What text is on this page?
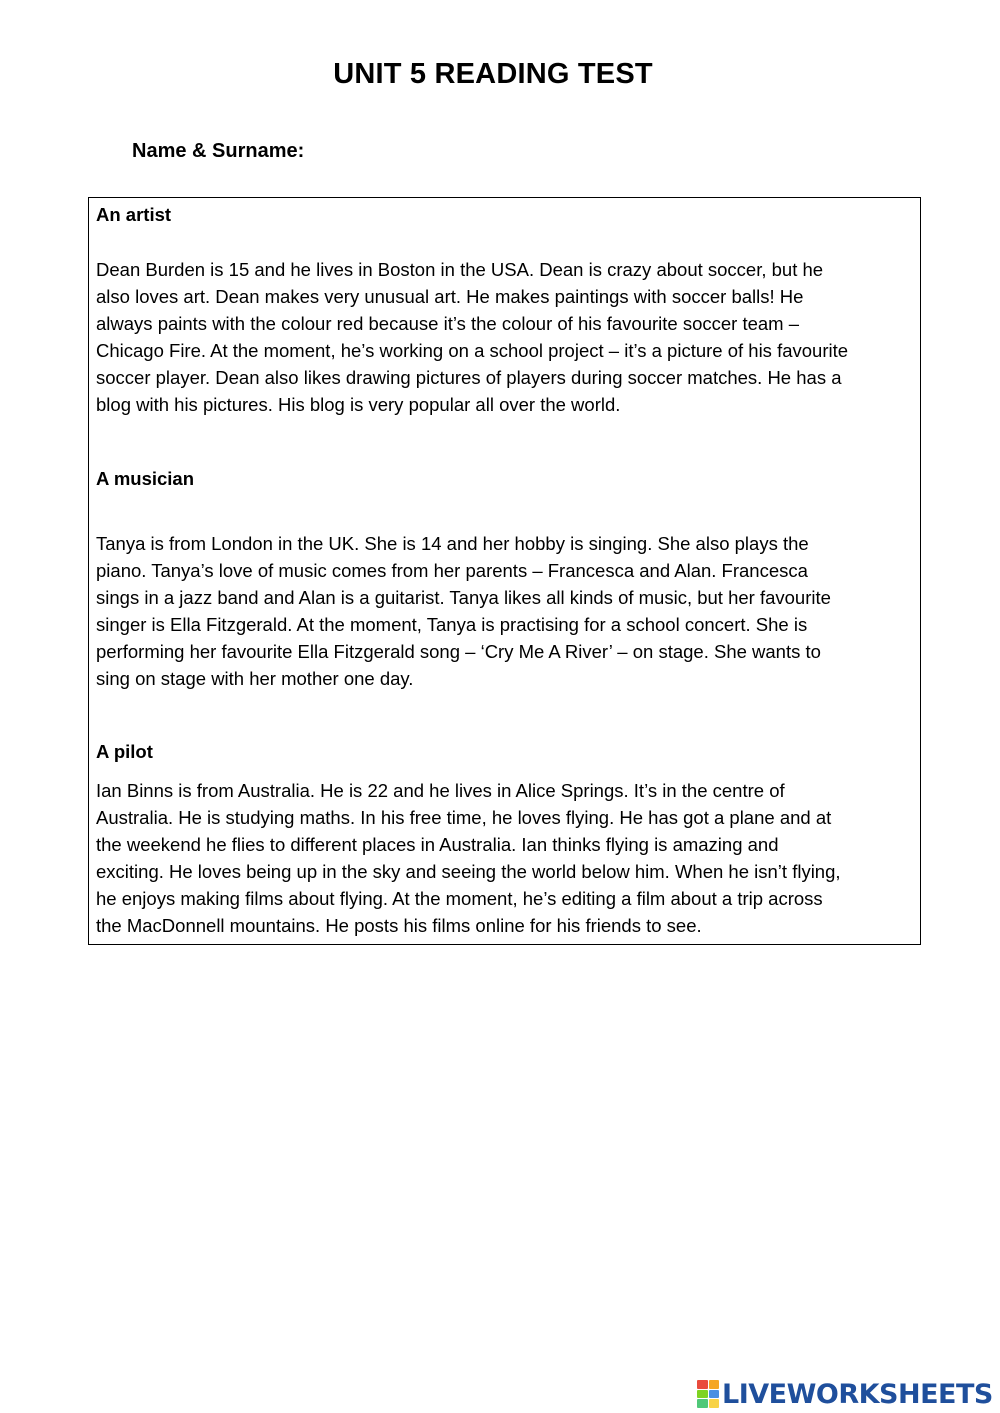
UNIT 5 READING TEST
Name & Surname:
An artist
Dean Burden is 15 and he lives in Boston in the USA. Dean is crazy about soccer, but he
also loves art. Dean makes very unusual art. He makes paintings with soccer balls! He
always paints with the colour red because it’s the colour of his favourite soccer team –
Chicago Fire. At the moment, he’s working on a school project – it’s a picture of his favourite
soccer player. Dean also likes drawing pictures of players during soccer matches. He has a
blog with his pictures. His blog is very popular all over the world.
A musician
Tanya is from London in the UK. She is 14 and her hobby is singing. She also plays the
piano. Tanya’s love of music comes from her parents – Francesca and Alan. Francesca
sings in a jazz band and Alan is a guitarist. Tanya likes all kinds of music, but her favourite
singer is Ella Fitzgerald. At the moment, Tanya is practising for a school concert. She is
performing her favourite Ella Fitzgerald song – ‘Cry Me A River’ – on stage. She wants to
sing on stage with her mother one day.
A pilot
Ian Binns is from Australia. He is 22 and he lives in Alice Springs. It’s in the centre of
Australia. He is studying maths. In his free time, he loves flying. He has got a plane and at
the weekend he flies to different places in Australia. Ian thinks flying is amazing and
exciting. He loves being up in the sky and seeing the world below him. When he isn’t flying,
he enjoys making films about flying. At the moment, he’s editing a film about a trip across
the MacDonnell mountains. He posts his films online for his friends to see.
LIVEWORKSHEETS
